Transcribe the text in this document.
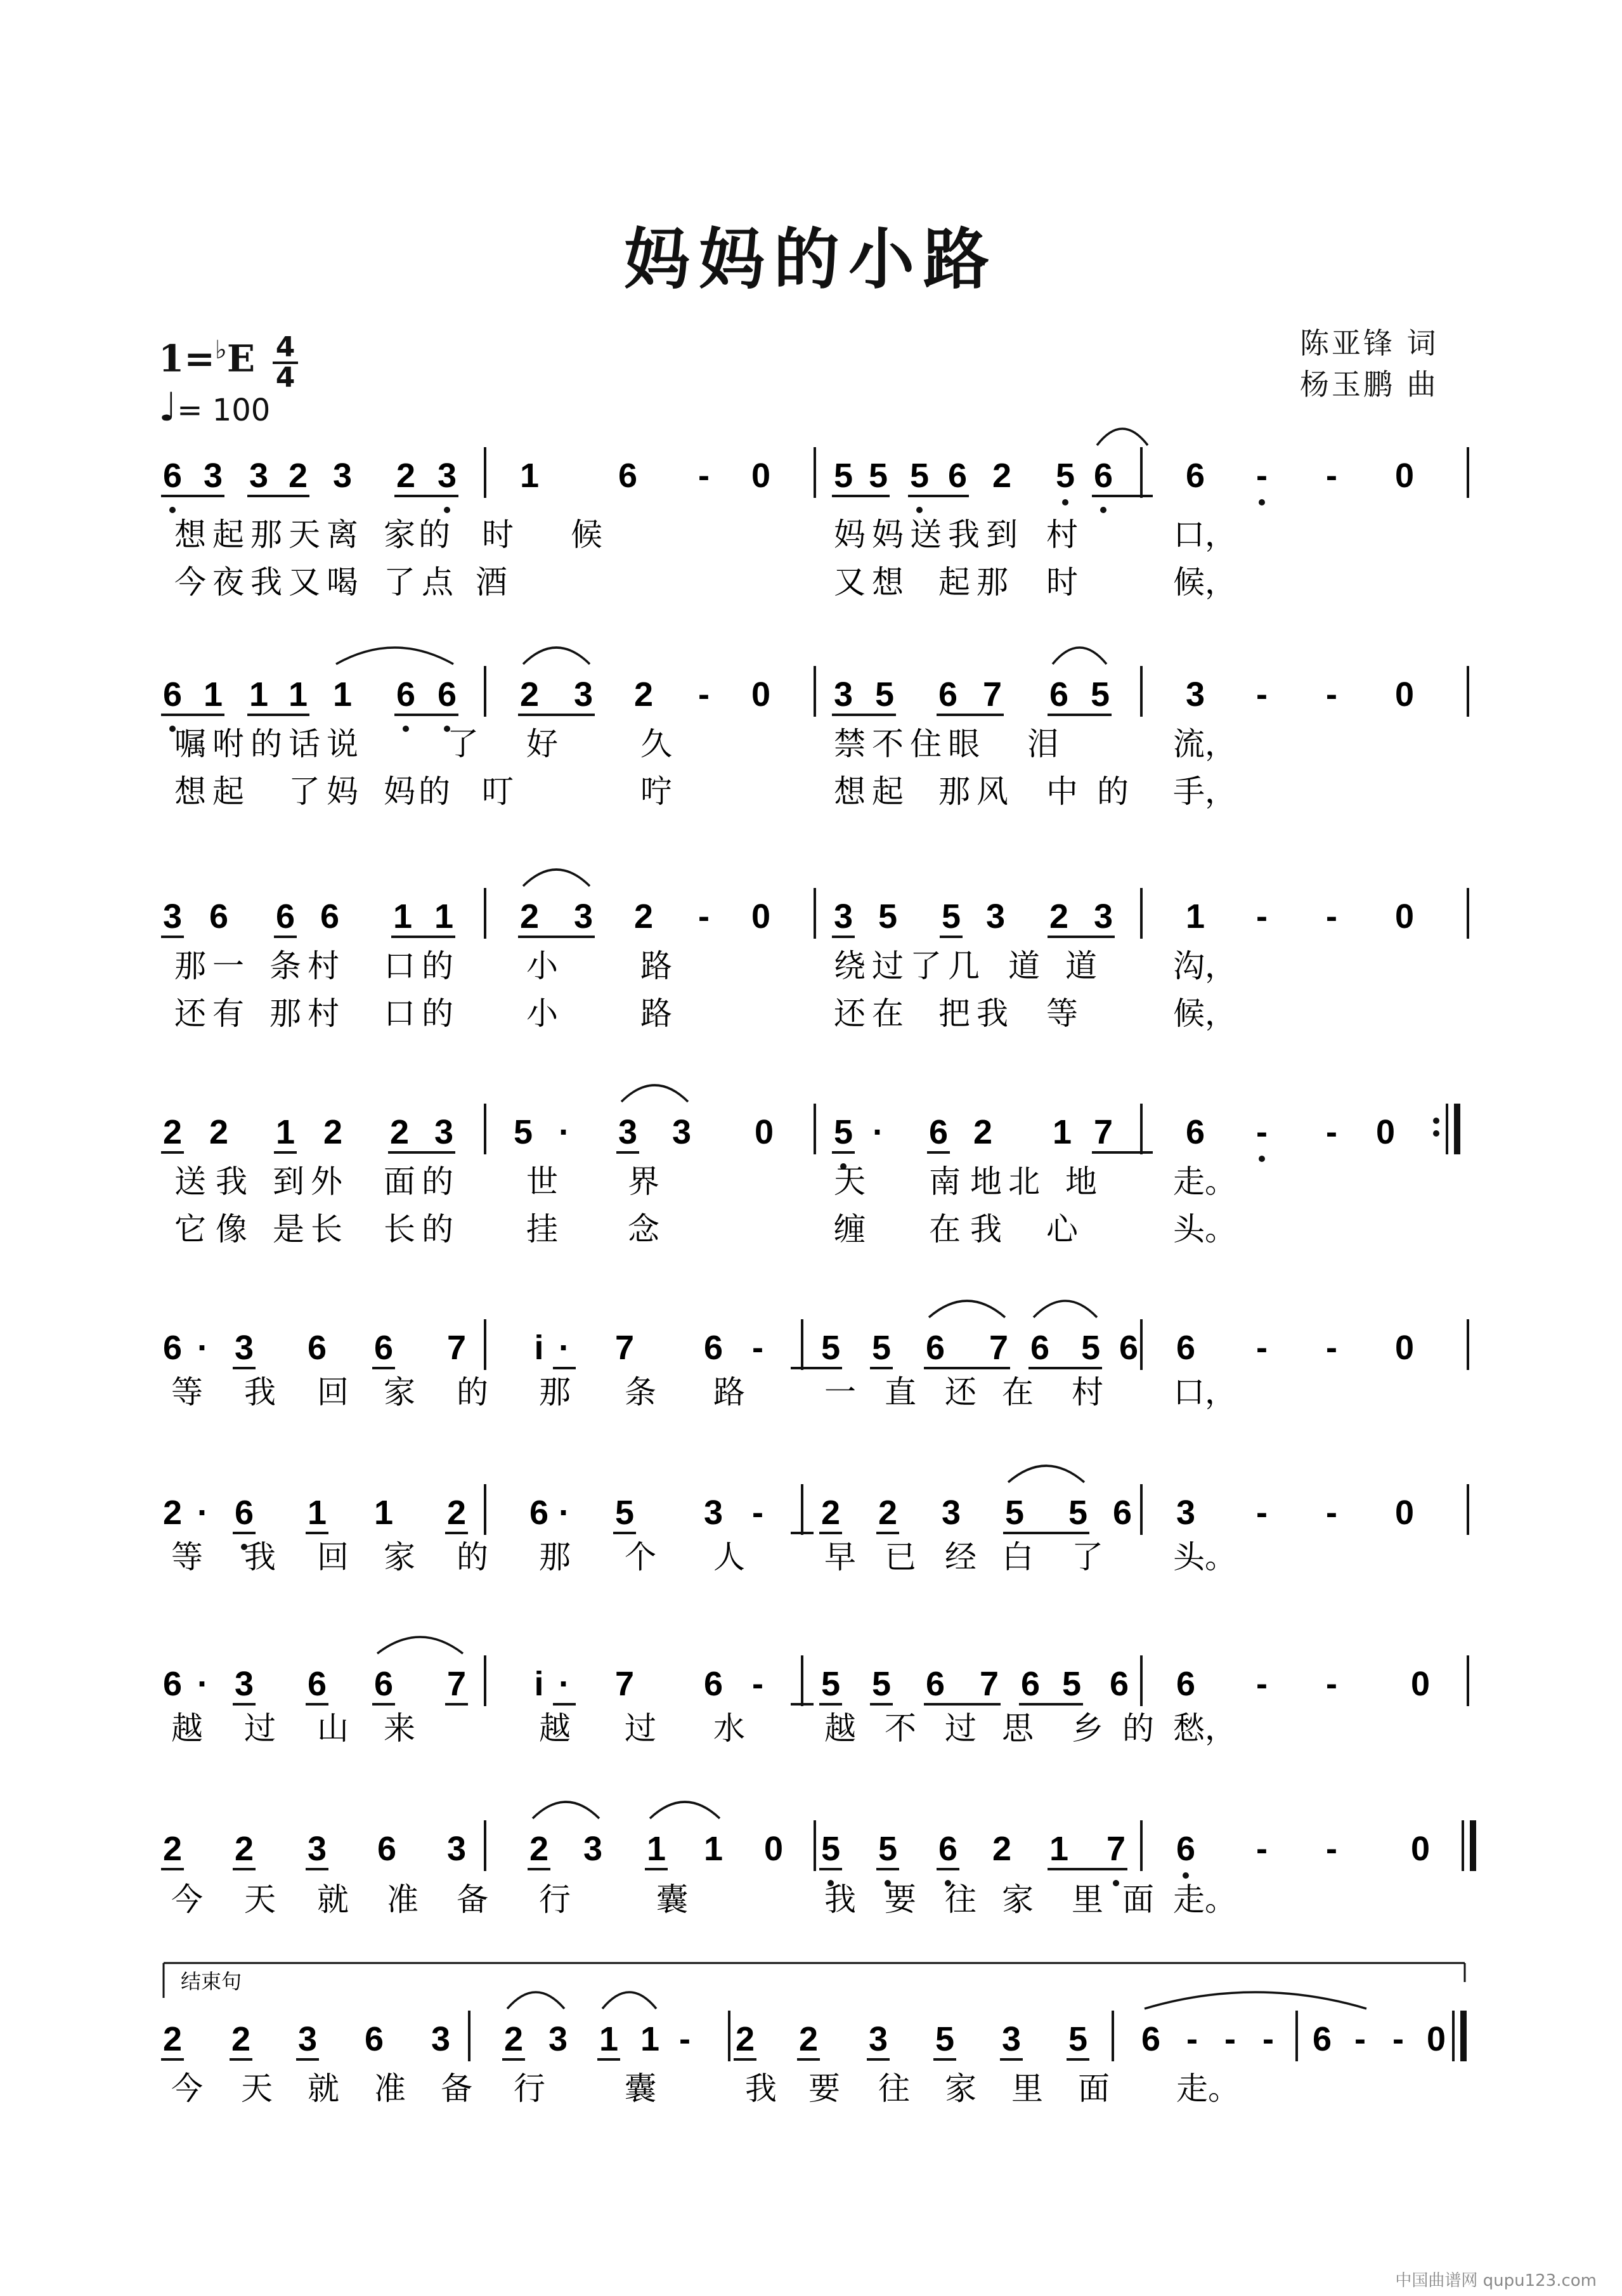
妈妈的小路
陈亚锋 词
杨玉鹏 曲
1=♭E 4
4
♩= 100
6 3 3 2 3 2 3 1 6 - 0 5 5 5 6 2 5 6 6 - - 0
想 起 那 天 离 家 的 时 候	妈 妈 送 我 到 村	口，
今 夜 我 又 喝 了 点 酒	又 想 起 那 时	候，
6 1 1 1 1 6 6 2 3 2 - 0 3 5 6 7 6 5 3 - - 0
嘱 咐 的 话 说	了 好	久	禁 不 住 眼 泪	流，
想 起 了 妈 妈 的 叮	咛	想 起 那 风 中 的 手，
3 6 6 6 1 1 2 3 2 - 0 3 5 5 3 2 3 1 - - 0
那 一 条 村 口 的 小	路	绕 过 了 几 道 道 沟，
还 有 那 村 口 的 小	路	还 在 把 我 等	候，
2 2 1 2 2 3 5 · 3 3 0 5 · 6 2 1 7 6 - - 0
送 我 到 外 面 的 世 界	天 南 地 北 地 走。
它 像 是 长 长 的 挂 念	缠 在 我 心	头。
6 · 3 6 6 7 i · 7 6 - 5 5 6 7 6 5 6 6 - - 0
等 我 回 家 的 那 条 路	一 直 还 在 村 口，
2 · 6 1 1 2 6 · 5 3 - 2 2 3 5 5 6 3 - - 0
等 我 回 家 的 那 个 人	早 已 经 白 了 头。
6 · 3 6 6 7 i · 7 6 - 5 5 6 7 6 5 6 6 - - 0
越 过 山 来	越 过 水	越 不 过 思 乡 的 愁，
2 2 3 6 3 2 3 1 1 0 5 5 6 2 1 7 6 - - 0
今 天 就 准 备 行	囊	我 要 往 家 里 面 走。
结束句
2 2 3 6 3 2 3 1 1 - 2 2 3 5 3 5 6 - - - 6 - - 0
今 天 就 准 备 行	囊	我 要 往 家 里 面 走。
中国曲谱网 qupu123.com
